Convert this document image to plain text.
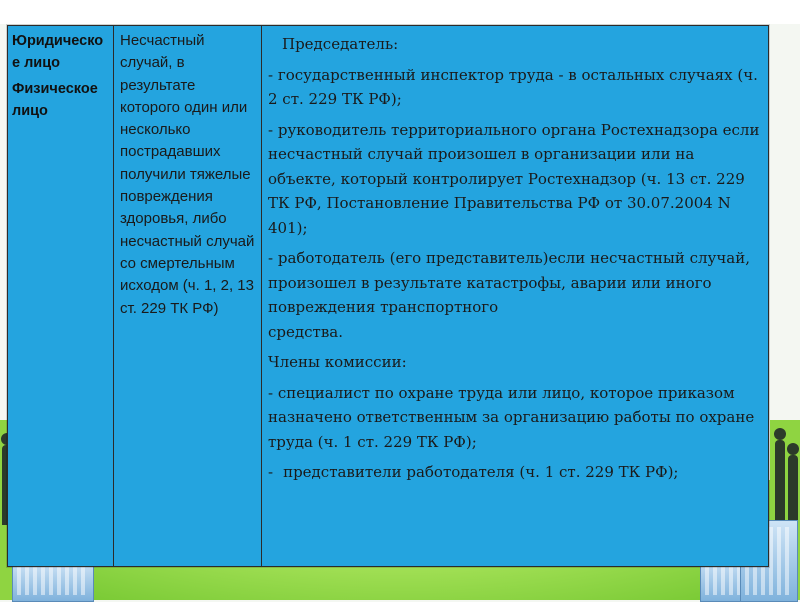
Юридическое лицо
Физическое лицо
Несчастный случай, в результате которого один или несколько пострадавших получили тяжелые повреждения здоровья, либо несчастный случай со смертельным исходом (ч. 1, 2, 13 ст. 229 ТК РФ)

Председатель:

- государственный инспектор труда - в остальных случаях (ч. 2 ст. 229 ТК РФ);

- руководитель территориального органа Ростехнадзора если несчастный случай произошел в организации или на объекте, который контролирует Ростехнадзор (ч. 13 ст. 229 ТК РФ, Постановление Правительства РФ от 30.07.2004 N 401);

- работодатель (его представитель)если несчастный случай, произошел в результате катастрофы, аварии или иного повреждения транспортного

средства.

Члены комиссии:

- специалист по охране труда или лицо, которое приказом назначено ответственным за организацию работы по охране труда (ч. 1 ст. 229 ТК РФ);

- представители работодателя (ч. 1 ст. 229 ТК РФ);
